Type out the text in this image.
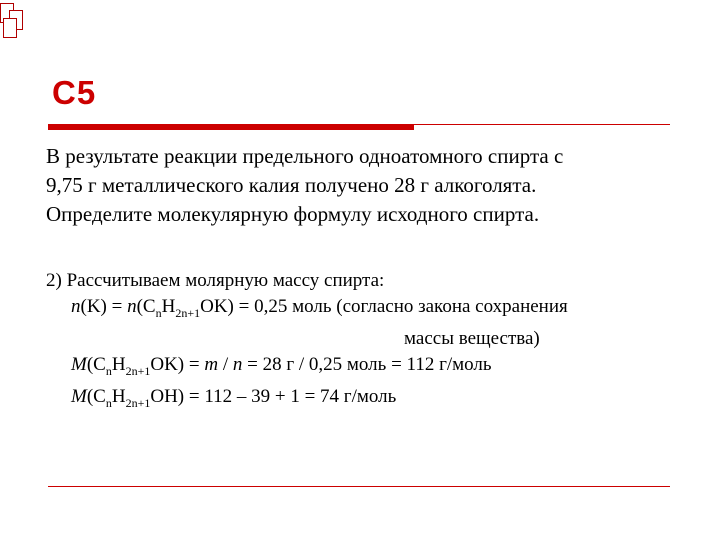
C5
В результате реакции предельного одноатомного спирта с
9,75 г металлического калия получено 28 г алкоголята.
Определите молекулярную формулу исходного спирта.
2) Рассчитываем молярную массу спирта:
$n(K) = n(C_nH_{2n+1}OK) = 0,25$ моль (согласно закона сохранения
массы вещества)
$M(C_nH_{2n+1}OK) = m / n = 28$ г / 0,25 моль = 112 г/моль
$M(C_nH_{2n+1}OH) = 112 - 39 + 1 = 74$ г/моль
